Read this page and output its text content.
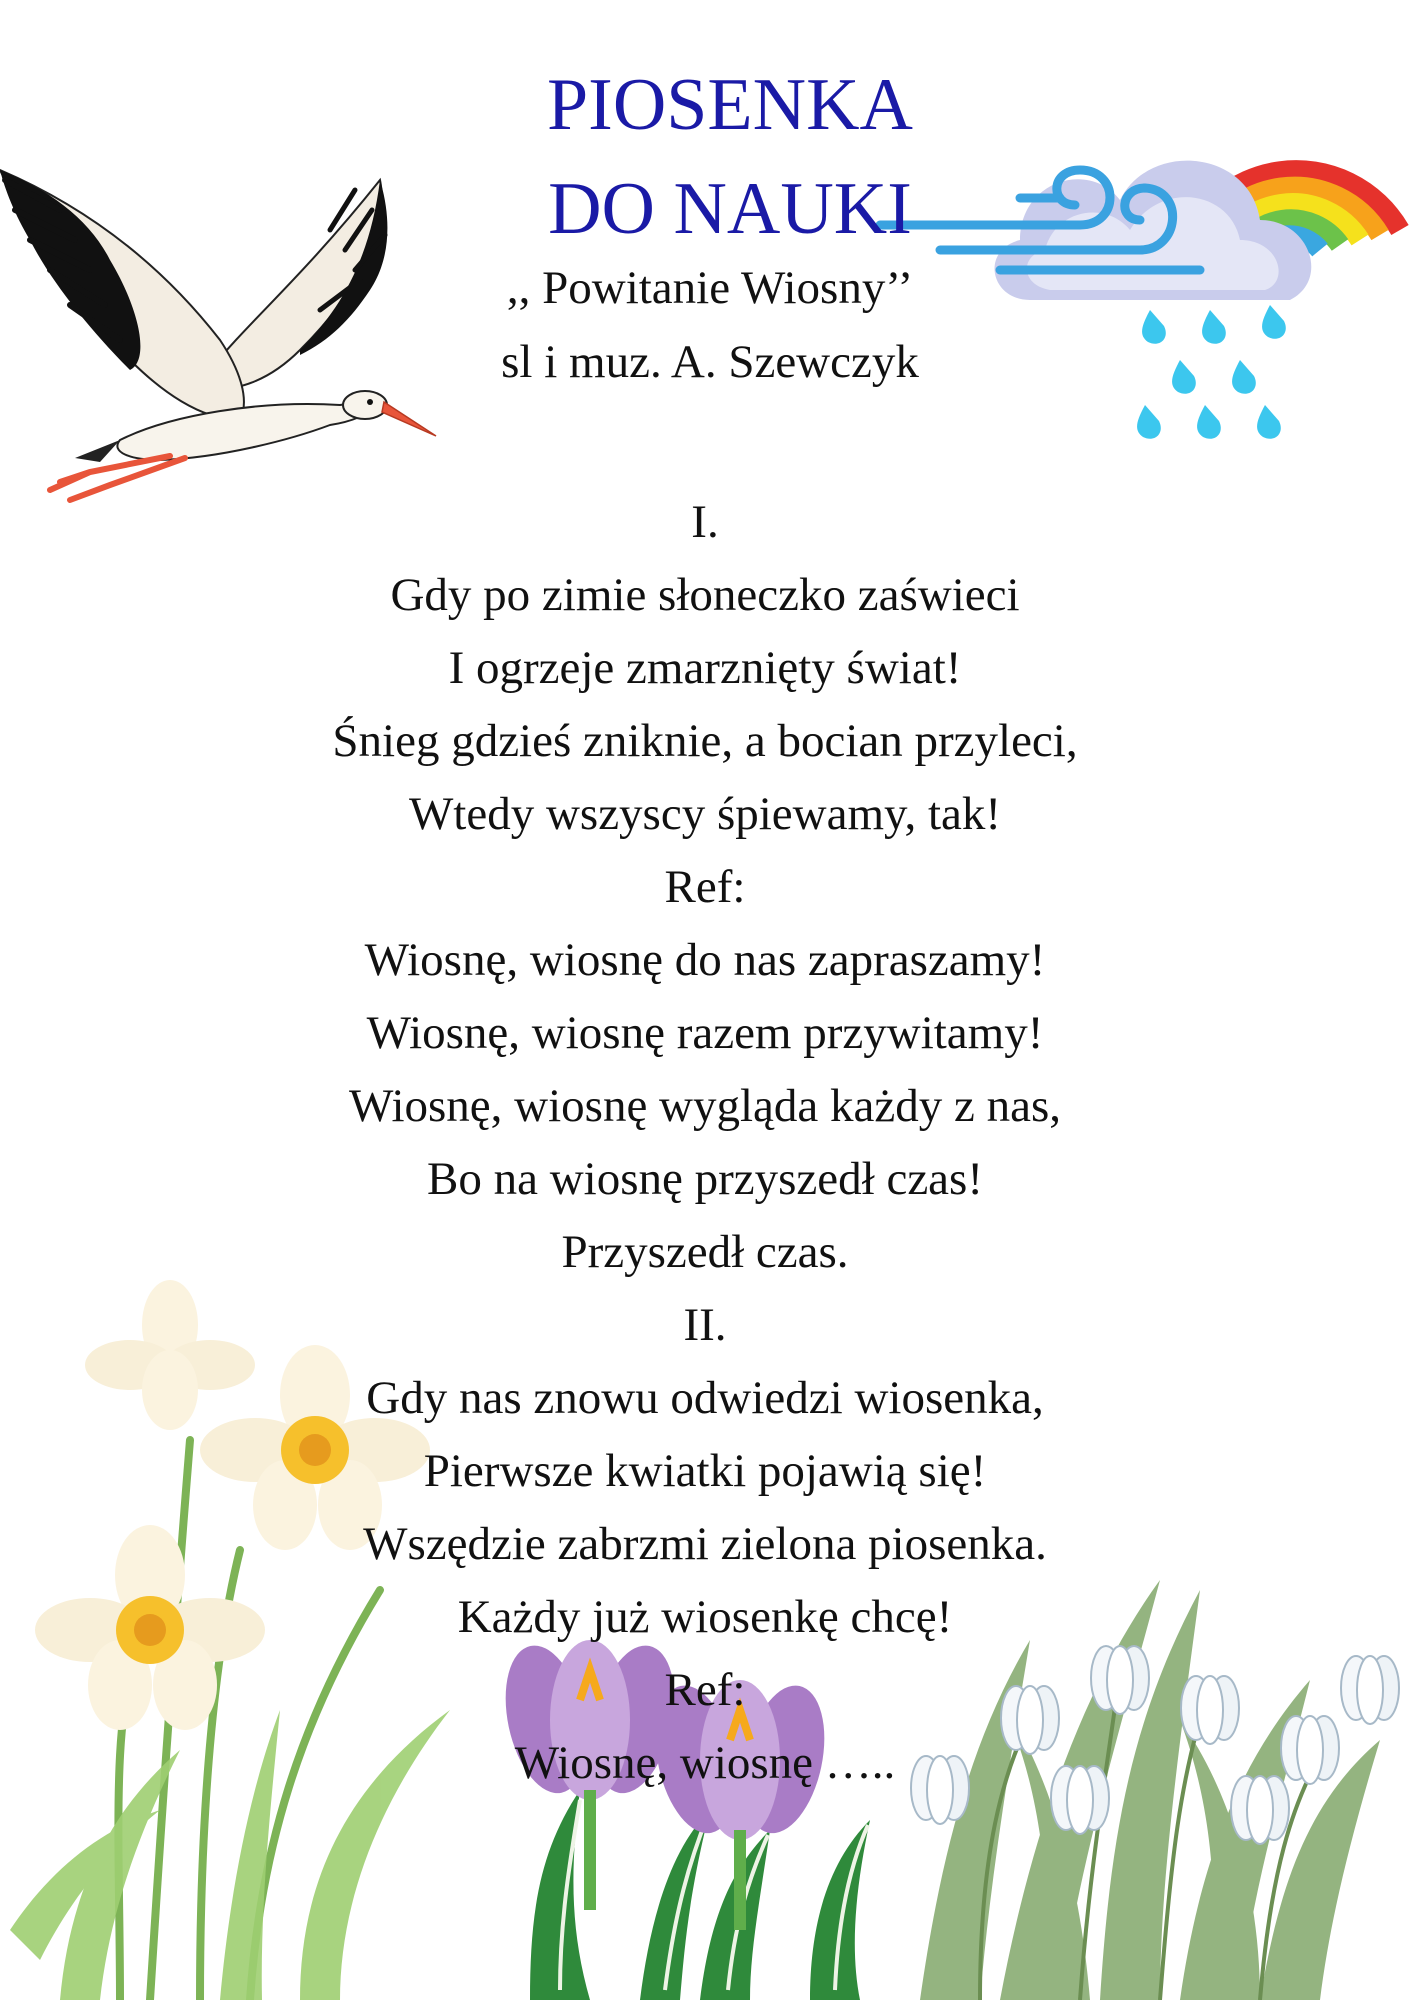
PIOSENKA
DO NAUKI
,, Powitanie Wiosny’’
sl i muz. A. Szewczyk
I.
Gdy po zimie słoneczko zaświeci
I ogrzeje zmarznięty świat!
Śnieg gdzieś zniknie, a bocian przyleci,
Wtedy wszyscy śpiewamy, tak!
Ref:
Wiosnę, wiosnę do nas zapraszamy!
Wiosnę, wiosnę razem przywitamy!
Wiosnę, wiosnę wygląda każdy z nas,
Bo na wiosnę przyszedł czas!
Przyszedł czas.
II.
Gdy nas znowu odwiedzi wiosenka,
Pierwsze kwiatki pojawią się!
Wszędzie zabrzmi zielona piosenka.
Każdy już wiosenkę chcę!
Ref:
Wiosnę, wiosnę …..
